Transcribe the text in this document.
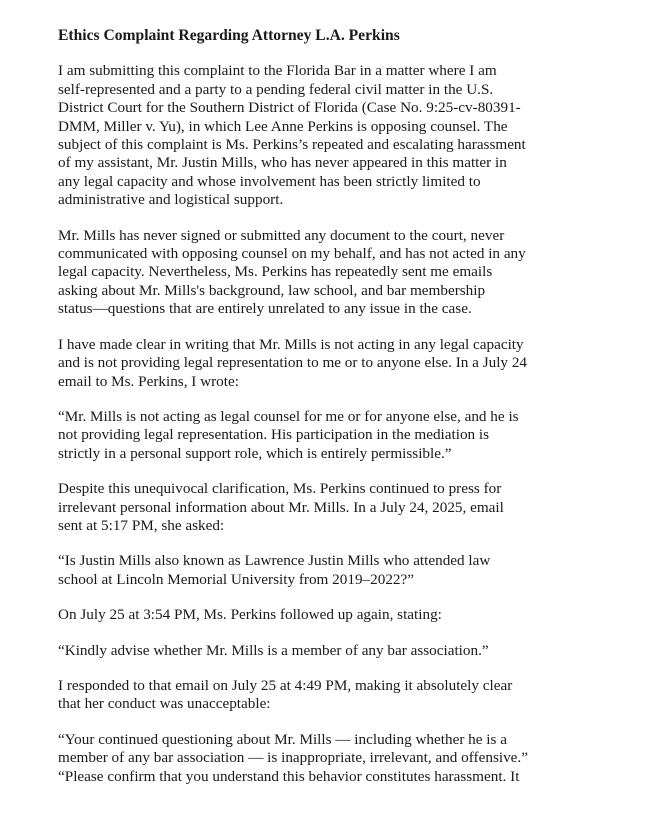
Ethics Complaint Regarding Attorney L.A. Perkins
I am submitting this complaint to the Florida Bar in a matter where I am
self-represented and a party to a pending federal civil matter in the U.S.
District Court for the Southern District of Florida (Case No. 9:25-cv-80391-
DMM, Miller v. Yu), in which Lee Anne Perkins is opposing counsel. The
subject of this complaint is Ms. Perkins’s repeated and escalating harassment
of my assistant, Mr. Justin Mills, who has never appeared in this matter in
any legal capacity and whose involvement has been strictly limited to
administrative and logistical support.
Mr. Mills has never signed or submitted any document to the court, never
communicated with opposing counsel on my behalf, and has not acted in any
legal capacity. Nevertheless, Ms. Perkins has repeatedly sent me emails
asking about Mr. Mills's background, law school, and bar membership
status—questions that are entirely unrelated to any issue in the case.
I have made clear in writing that Mr. Mills is not acting in any legal capacity
and is not providing legal representation to me or to anyone else. In a July 24
email to Ms. Perkins, I wrote:
“Mr. Mills is not acting as legal counsel for me or for anyone else, and he is
not providing legal representation. His participation in the mediation is
strictly in a personal support role, which is entirely permissible.”
Despite this unequivocal clarification, Ms. Perkins continued to press for
irrelevant personal information about Mr. Mills. In a July 24, 2025, email
sent at 5:17 PM, she asked:
“Is Justin Mills also known as Lawrence Justin Mills who attended law
school at Lincoln Memorial University from 2019–2022?”
On July 25 at 3:54 PM, Ms. Perkins followed up again, stating:
“Kindly advise whether Mr. Mills is a member of any bar association.”
I responded to that email on July 25 at 4:49 PM, making it absolutely clear
that her conduct was unacceptable:
“Your continued questioning about Mr. Mills — including whether he is a
member of any bar association — is inappropriate, irrelevant, and offensive.”
“Please confirm that you understand this behavior constitutes harassment. It
